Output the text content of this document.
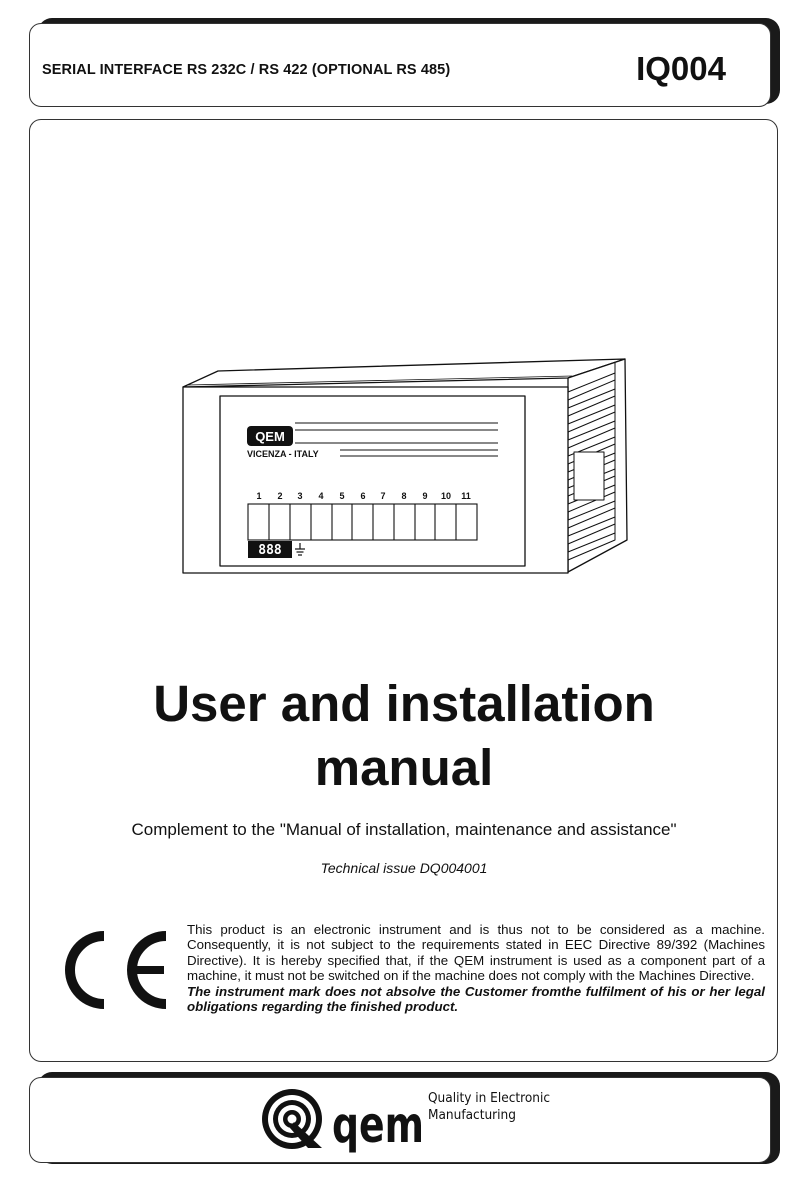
SERIAL INTERFACE RS 232C / RS 422 (OPTIONAL RS 485)	IQ004
QEM
VICENZA - ITALY
1 2 3 4 5 6 7 8 9 10 11
888
User and installation
manual
Complement to the "Manual of installation, maintenance and assistance"
Technical issue DQ004001

This product is an electronic instrument and is thus not to be considered as a machine. Consequently, it is not subject to the requirements stated in EEC Directive 89/392 (Machines Directive). It is hereby specified that, if the QEM instrument is used as a component part of a machine, it must not be switched on if the machine does not comply with the Machines Directive.

The instrument mark does not absolve the Customer fromthe fulfilment of his or her legal obligations regarding the finished product.

qem Quality in Electronic
Manufacturing
